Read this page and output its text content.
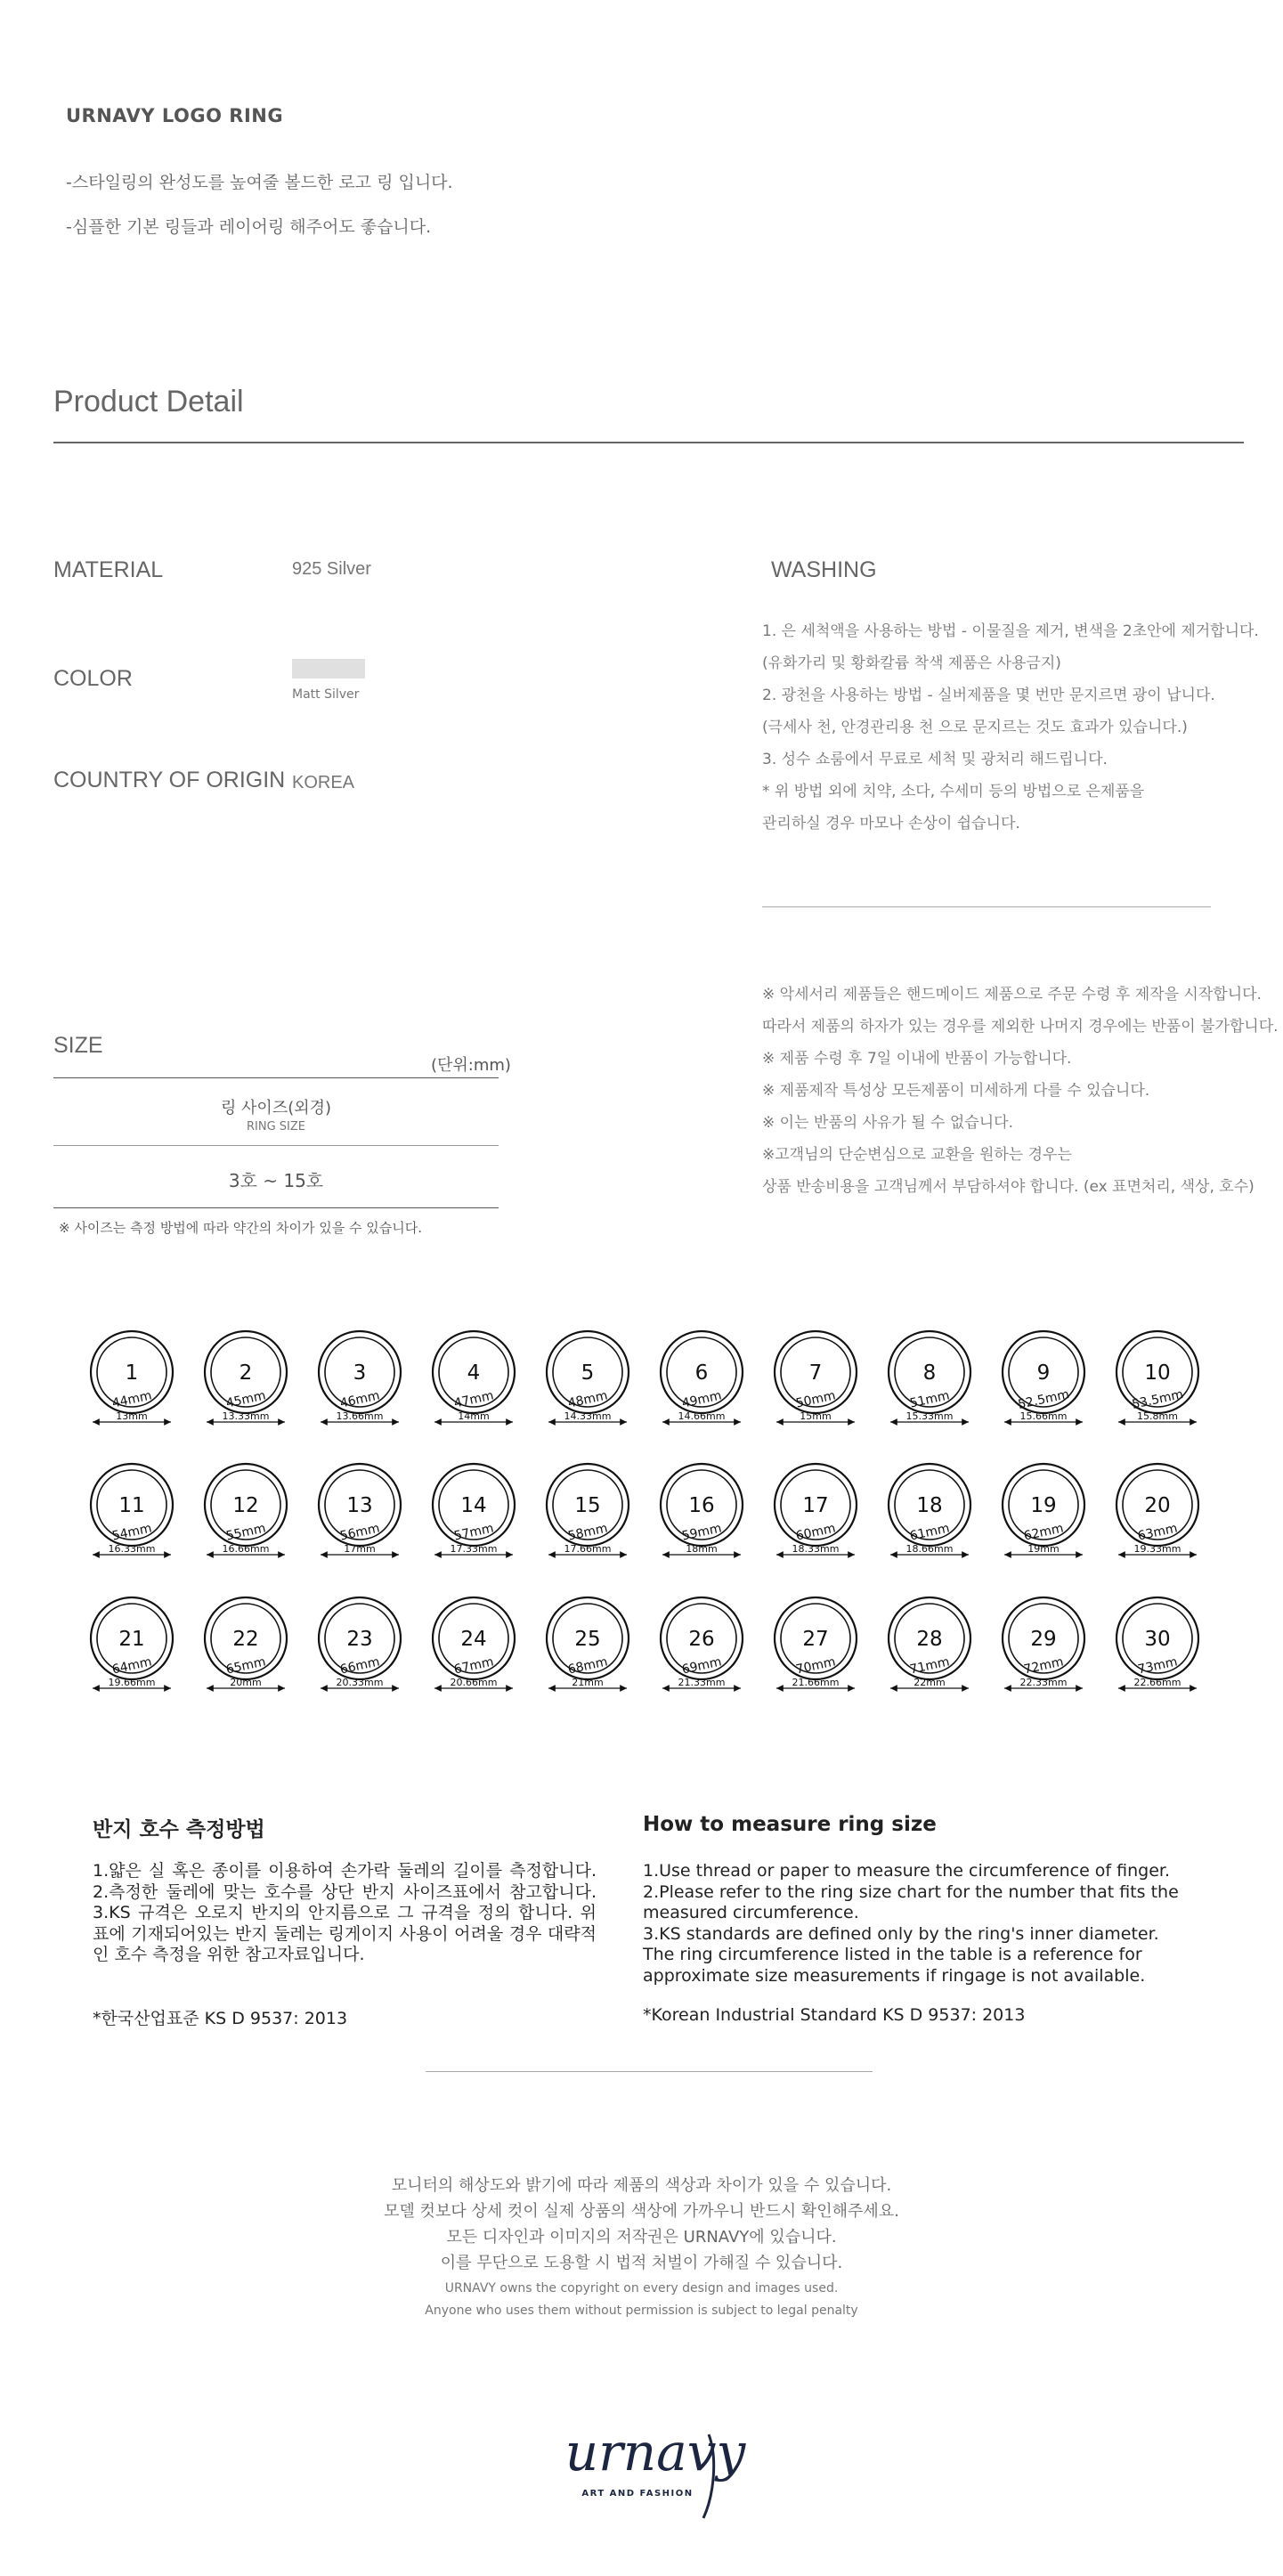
URNAVY LOGO RING
-스타일링의 완성도를 높여줄 볼드한 로고 링 입니다.
-심플한 기본 링들과 레이어링 해주어도 좋습니다.
Product Detail
MATERIAL	925 Silver
COLOR
Matt Silver
COUNTRY OF ORIGIN KOREA
WASHING
1. 은 세척액을 사용하는 방법 - 이물질을 제거, 변색을 2초안에 제거합니다.
(유화가리 및 황화칼륨 착색 제품은 사용금지)
2. 광천을 사용하는 방법 - 실버제품을 몇 번만 문지르면 광이 납니다.
(극세사 천, 안경관리용 천 으로 문지르는 것도 효과가 있습니다.)
3. 성수 쇼룸에서 무료로 세척 및 광처리 해드립니다.
* 위 방법 외에 치약, 소다, 수세미 등의 방법으로 은제품을
관리하실 경우 마모나 손상이 쉽습니다.
※ 악세서리 제품들은 핸드메이드 제품으로 주문 수령 후 제작을 시작합니다.
따라서 제품의 하자가 있는 경우를 제외한 나머지 경우에는 반품이 불가합니다.
※ 제품 수령 후 7일 이내에 반품이 가능합니다.
※ 제품제작 특성상 모든제품이 미세하게 다를 수 있습니다.
※ 이는 반품의 사유가 될 수 없습니다.
※고객님의 단순변심으로 교환을 원하는 경우는
상품 반송비용을 고객님께서 부담하셔야 합니다. (ex 표면처리, 색상, 호수)
SIZE
(단위:mm)
링 사이즈(외경)
RING SIZE
3호 ~ 15호
※ 사이즈는 측정 방법에 따라 약간의 차이가 있을 수 있습니다.
1
44mm
13mm
2
45mm
13.33mm
3
46mm
13.66mm
4
47mm
14mm
5
48mm
14.33mm
6
49mm
14.66mm
7
50mm
15mm
8
51mm
15.33mm
9
52.5mm
15.66mm
10
53.5mm
15.8mm
11
54mm
16.33mm
12
55mm
16.66mm
13
56mm
17mm
14
57mm
17.33mm
15
58mm
17.66mm
16
59mm
18mm
17
60mm
18.33mm
18
61mm
18.66mm
19
62mm
19mm
20
63mm
19.33mm
21
64mm
19.66mm
22
65mm
20mm
23
66mm
20.33mm
24
67mm
20.66mm
25
68mm
21mm
26
69mm
21.33mm
27
70mm
21.66mm
28
71mm
22mm
29
72mm
22.33mm
30
73mm
22.66mm
반지 호수 측정방법
1.얇은 실 혹은 종이를 이용하여 손가락 둘레의 길이를 측정합니다. 2.측정한 둘레에 맞는 호수를 상단 반지 사이즈표에서 참고합니다. 3.KS 규격은 오로지 반지의 안지름으로 그 규격을 정의 합니다. 위 표에 기재되어있는 반지 둘레는 링게이지 사용이 어려울 경우 대략적인 호수 측정을 위한 참고자료입니다.
*한국산업표준 KS D 9537: 2013
How to measure ring size
1.Use thread or paper to measure the circumference of finger.
2.Please refer to the ring size chart for the number that fits the measured circumference.
3.KS standards are defined only by the ring's inner diameter. The ring circumference listed in the table is a reference for approximate size measurements if ringage is not available.
*Korean Industrial Standard KS D 9537: 2013
모니터의 해상도와 밝기에 따라 제품의 색상과 차이가 있을 수 있습니다.
모델 컷보다 상세 컷이 실제 상품의 색상에 가까우니 반드시 확인해주세요.
모든 디자인과 이미지의 저작권은 URNAVY에 있습니다.
이를 무단으로 도용할 시 법적 처벌이 가해질 수 있습니다.
URNAVY owns the copyright on every design and images used.
Anyone who uses them without permission is subject to legal penalty
urnavy
ART AND FASHION
